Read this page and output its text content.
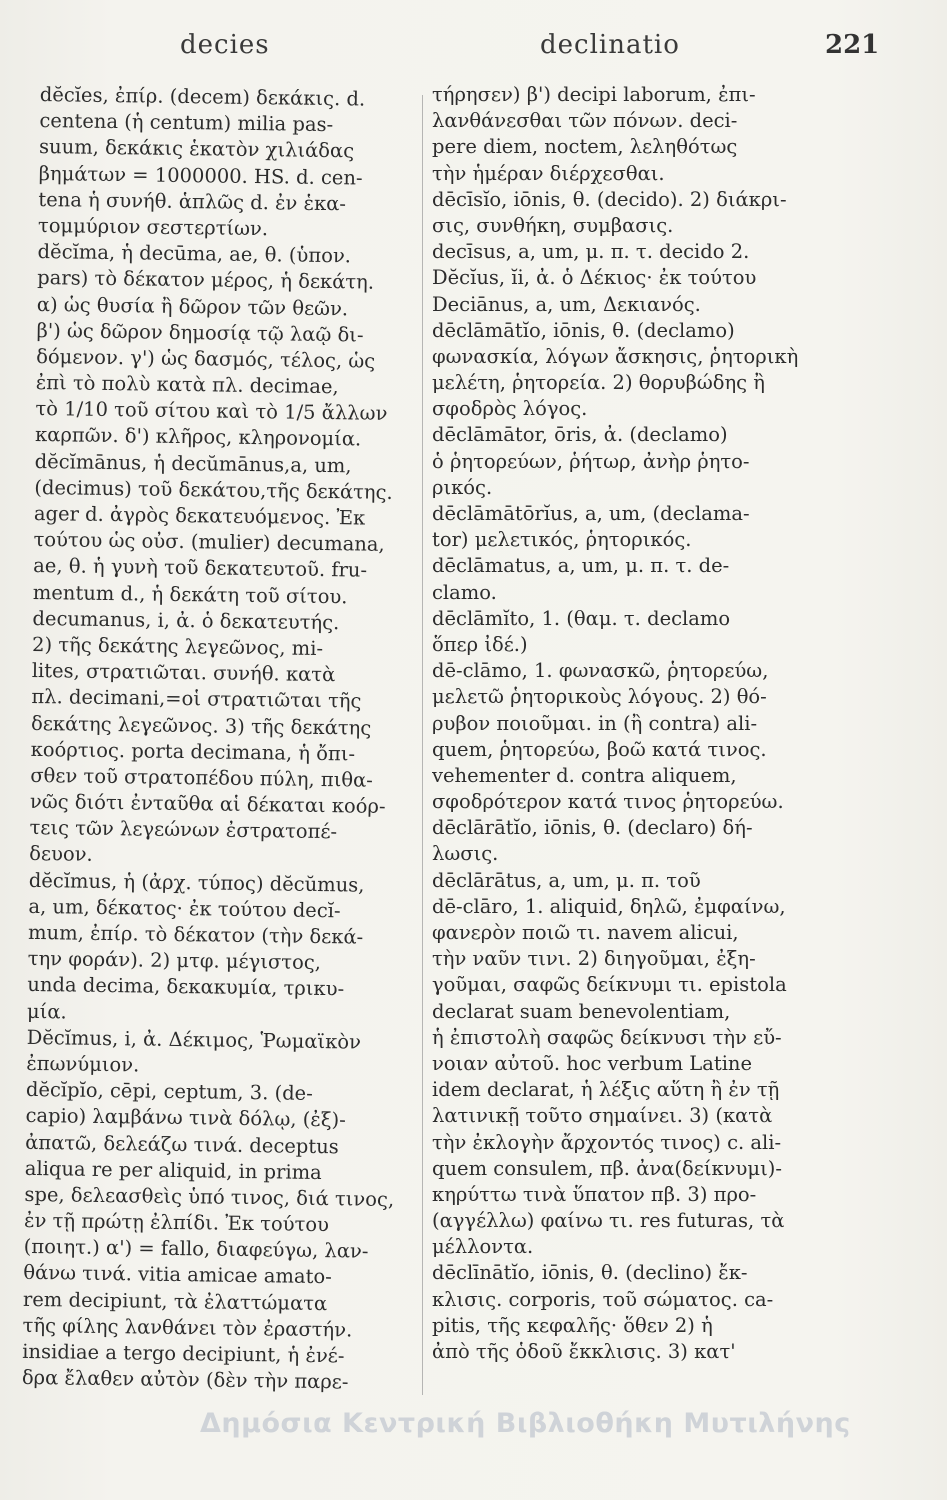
decies	declinatio	221
dĕcĭes, ἐπίρ. (decem) δεκάκις. d.
centena (ἡ centum) milia pas-
suum, δεκάκις ἑκατὸν χιλιάδας
βημάτων = 1000000. HS. d. cen-
tena ἡ συνήθ. ἁπλῶς d. ἐν ἑκα-
τομμύριον σεστερτίων.
dĕcĭma, ἡ decūma, ae, θ. (ὑπον.
pars) τὸ δέκατον μέρος, ἡ δεκάτη.
α) ὡς θυσία ἢ δῶρον τῶν θεῶν.
β') ὡς δῶρον δημοσίᾳ τῷ λαῷ δι-
δόμενον. γ') ὡς δασμός, τέλος, ὡς
ἐπὶ τὸ πολὺ κατὰ πλ. decimae,
τὸ 1/10 τοῦ σίτου καὶ τὸ 1/5 ἄλλων
καρπῶν. δ') κλῆρος, κληρονομία.
dĕcĭmānus, ἡ decŭmānus,a, um,
(decimus) τοῦ δεκάτου,τῆς δεκάτης.
ager d. ἀγρὸς δεκατευόμενος. Ἐκ
τούτου ὡς οὐσ. (mulier) decumana,
ae, θ. ἡ γυνὴ τοῦ δεκατευτοῦ. fru-
mentum d., ἡ δεκάτη τοῦ σίτου.
decumanus, i, ἀ. ὁ δεκατευτής.
2) τῆς δεκάτης λεγεῶνος, mi-
lites, στρατιῶται. συνήθ. κατὰ
πλ. decimani,=οἱ στρατιῶται τῆς
δεκάτης λεγεῶνος. 3) τῆς δεκάτης
κοόρτιος. porta decimana, ἡ ὄπι-
σθεν τοῦ στρατοπέδου πύλη, πιθα-
νῶς διότι ἐνταῦθα αἱ δέκαται κοόρ-
τεις τῶν λεγεώνων ἐστρατοπέ-
δευον.
dĕcĭmus, ἡ (ἀρχ. τύπος) dĕcŭmus,
a, um, δέκατος· ἐκ τούτου decĭ-
mum, ἐπίρ. τὸ δέκατον (τὴν δεκά-
την φοράν). 2) μτφ. μέγιστος,
unda decima, δεκακυμία, τρικυ-
μία.
Dĕcĭmus, i, ἀ. Δέκιμος, Ῥωμαϊκὸν
ἐπωνύμιον.
dĕcĭpĭo, cēpi, ceptum, 3. (de-
capio) λαμβάνω τινὰ δόλῳ, (ἐξ)-
ἀπατῶ, δελεάζω τινά. deceptus
aliqua re per aliquid, in prima
spe, δελεασθεὶς ὑπό τινος, διά τινος,
ἐν τῇ πρώτῃ ἐλπίδι. Ἐκ τούτου
(ποιητ.) α') = fallo, διαφεύγω, λαν-
θάνω τινά. vitia amicae amato-
rem decipiunt, τὰ ἐλαττώματα
τῆς φίλης λανθάνει τὸν ἐραστήν.
insidiae a tergo decipiunt, ἡ ἐνέ-
δρα ἔλαθεν αὐτὸν (δὲν τὴν παρε-
τήρησεν) β') decipi laborum, ἐπι-
λανθάνεσθαι τῶν πόνων. deci-
pere diem, noctem, λεληθότως
τὴν ἡμέραν διέρχεσθαι.
dēcīsĭo, iōnis, θ. (decido). 2) διάκρι-
σις, συνθήκη, συμβασις.
decīsus, a, um, μ. π. τ. decido 2.
Dĕcĭus, ĭi, ἀ. ὁ Δέκιος· ἐκ τούτου
Deciānus, a, um, Δεκιανός.
dēclāmātĭo, iōnis, θ. (declamo)
φωνασκία, λόγων ἄσκησις, ῥητορικὴ
μελέτη, ῥητορεία. 2) θορυβώδης ἢ
σφοδρὸς λόγος.
dēclāmātor, ōris, ἀ. (declamo)
ὁ ῥητορεύων, ῥήτωρ, ἀνὴρ ῥητο-
ρικός.
dēclāmātōrĭus, a, um, (declama-
tor) μελετικός, ῥητορικός.
dēclāmatus, a, um, μ. π. τ. de-
clamo.
dēclāmĭto, 1. (θαμ. τ. declamo
ὅπερ ἰδέ.)
dē-clāmo, 1. φωνασκῶ, ῥητορεύω,
μελετῶ ῥητορικοὺς λόγους. 2) θό-
ρυβον ποιοῦμαι. in (ἢ contra) ali-
quem, ῥητορεύω, βοῶ κατά τινος.
vehementer d. contra aliquem,
σφοδρότερον κατά τινος ῥητορεύω.
dēclārātĭo, iōnis, θ. (declaro) δή-
λωσις.
dēclārātus, a, um, μ. π. τοῦ
dē-clāro, 1. aliquid, δηλῶ, ἐμφαίνω,
φανερὸν ποιῶ τι. navem alicui,
τὴν ναῦν τινι. 2) διηγοῦμαι, ἐξη-
γοῦμαι, σαφῶς δείκνυμι τι. epistola
declarat suam benevolentiam,
ἡ ἐπιστολὴ σαφῶς δείκνυσι τὴν εὔ-
νοιαν αὐτοῦ. hoc verbum Latine
idem declarat, ἡ λέξις αὕτη ἢ ἐν τῇ
λατινικῇ τοῦτο σημαίνει. 3) (κατὰ
τὴν ἐκλογὴν ἄρχοντός τινος) c. ali-
quem consulem, πβ. ἀνα(δείκνυμι)-
κηρύττω τινὰ ὕπατον πβ. 3) προ-
(αγγέλλω) φαίνω τι. res futuras, τὰ
μέλλοντα.
dēclīnātĭo, iōnis, θ. (declino) ἔκ-
κλισις. corporis, τοῦ σώματος. ca-
pitis, τῆς κεφαλῆς· ὅθεν 2) ἡ
ἀπὸ τῆς ὁδοῦ ἔκκλισις. 3) κατ'
Δημόσια Κεντρική Βιβλιοθήκη Μυτιλήνης
